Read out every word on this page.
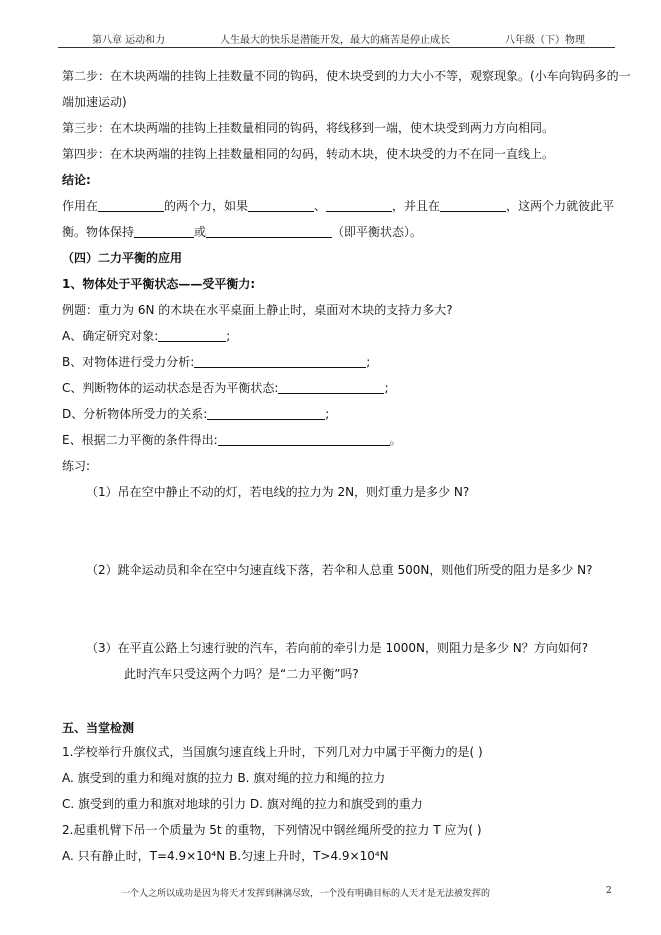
第八章 运动和力	人生最大的快乐是潜能开发，最大的痛苦是停止成长	八年级（下）物理
第二步：在木块两端的挂钩上挂数量不同的钩码，使木块受到的力大小不等，观察现象。(小车向钩码多的一
端加速运动)
第三步：在木块两端的挂钩上挂数量相同的钩码，将线移到一端，使木块受到两力方向相同。
第四步：在木块两端的挂钩上挂数量相同的勾码，转动木块，使木块受的力不在同一直线上。
结论:
作用在	的两个力，如果	、	，并且在	，这两个力就彼此平
衡。物体保持	或	（即平衡状态）。
（四）二力平衡的应用
1、物体处于平衡状态——受平衡力:
例题：重力为 6N 的木块在水平桌面上静止时，桌面对木块的支持力多大?
A、确定研究对象:	;
B、对物体进行受力分析:	;
C、判断物体的运动状态是否为平衡状态:	;
D、分析物体所受力的关系:	;
E、根据二力平衡的条件得出:	。
练习:
（1）吊在空中静止不动的灯，若电线的拉力为 2N，则灯重力是多少 N?
（2）跳伞运动员和伞在空中匀速直线下落，若伞和人总重 500N，则他们所受的阻力是多少 N?
（3）在平直公路上匀速行驶的汽车，若向前的牵引力是 1000N，则阻力是多少 N？方向如何?
此时汽车只受这两个力吗？是“二力平衡”吗?
五、当堂检测
1.学校举行升旗仪式，当国旗匀速直线上升时，下列几对力中属于平衡力的是( )
A. 旗受到的重力和绳对旗的拉力 B. 旗对绳的拉力和绳的拉力
C. 旗受到的重力和旗对地球的引力 D. 旗对绳的拉力和旗受到的重力
2.起重机臂下吊一个质量为 5t 的重物，下列情况中钢丝绳所受的拉力 T 应为( )
A. 只有静止时，T=4.9×10⁴N B.匀速上升时，T>4.9×10⁴N
一个人之所以成功是因为将天才发挥到淋漓尽致，一个没有明确目标的人天才是无法被发挥的	2
